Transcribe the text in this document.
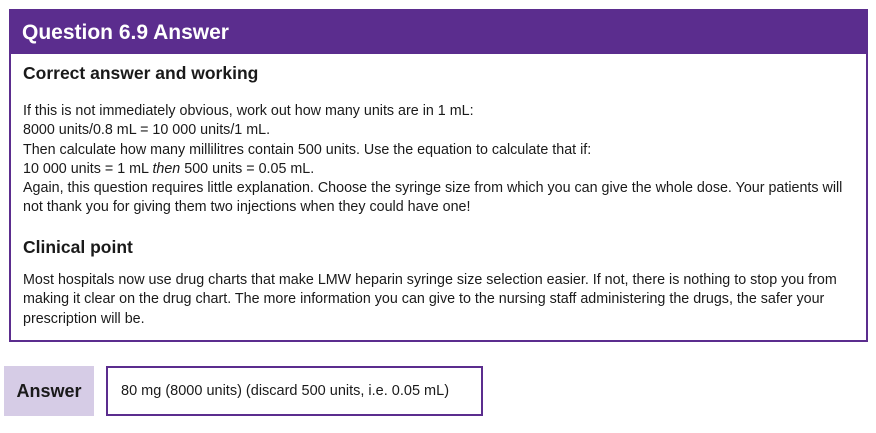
Question 6.9 Answer
Correct answer and working
If this is not immediately obvious, work out how many units are in 1 mL:
8000 units/0.8 mL = 10 000 units/1 mL.
Then calculate how many millilitres contain 500 units. Use the equation to calculate that if:
10 000 units = 1 mL then 500 units = 0.05 mL.
Again, this question requires little explanation. Choose the syringe size from which you can give the whole dose. Your patients will not thank you for giving them two injections when they could have one!
Clinical point
Most hospitals now use drug charts that make LMW heparin syringe size selection easier. If not, there is nothing to stop you from making it clear on the drug chart. The more information you can give to the nursing staff administering the drugs, the safer your prescription will be.
Answer	80 mg (8000 units) (discard 500 units, i.e. 0.05 mL)
